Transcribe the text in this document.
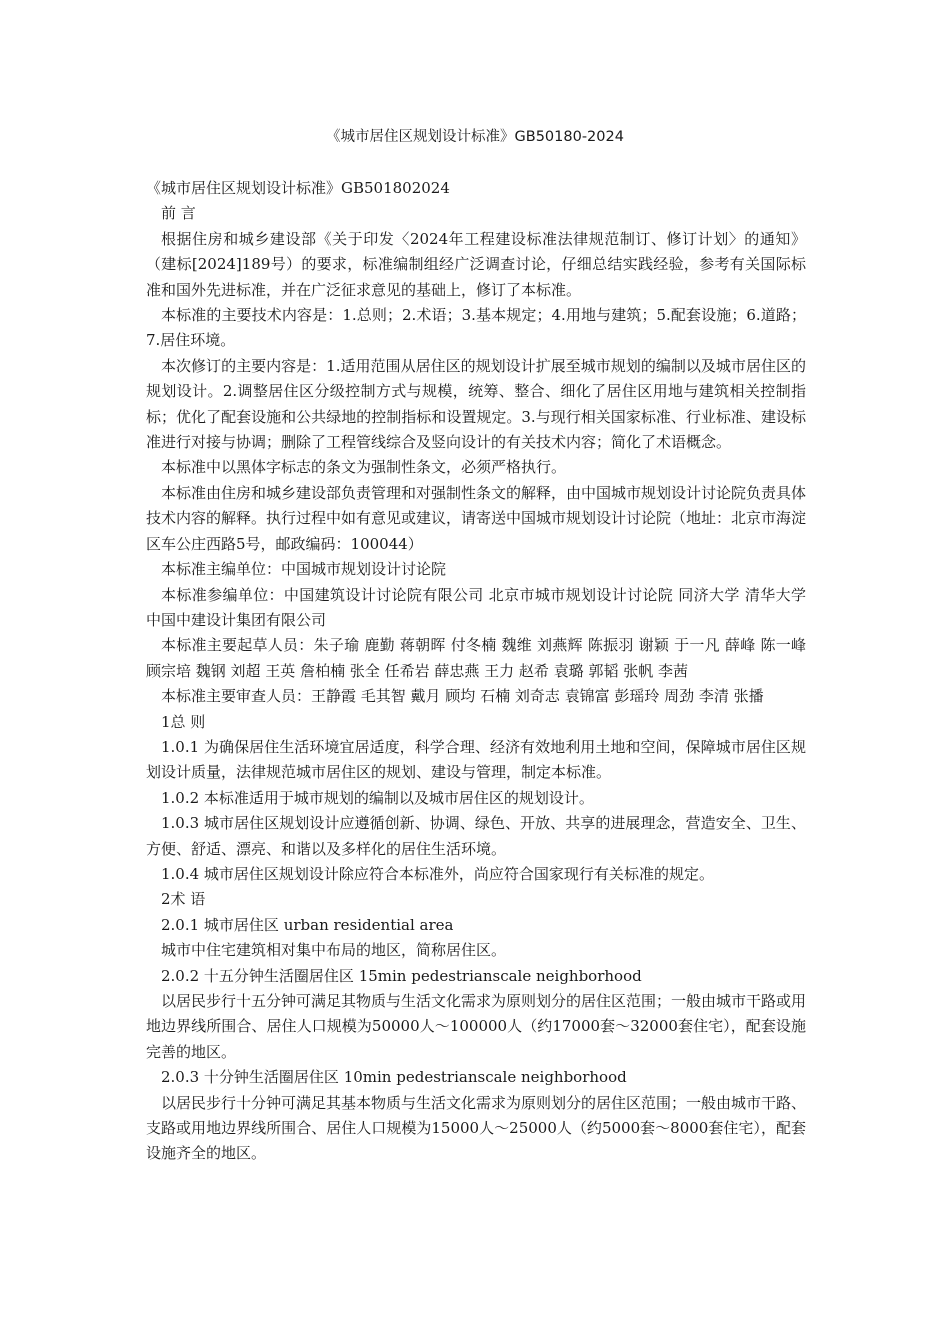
《城市居住区规划设计标准》GB50180-2024

《城市居住区规划设计标准》GB501802024

前 言

根据住房和城乡建设部《关于印发〈2024年工程建设标准法律规范制订、修订计划〉的通知》（建标[2024]189号）的要求，标准编制组经广泛调查讨论，仔细总结实践经验，参考有关国际标准和国外先进标准，并在广泛征求意见的基础上，修订了本标准。

本标准的主要技术内容是：1.总则；2.术语；3.基本规定；4.用地与建筑；5.配套设施；6.道路；7.居住环境。

本次修订的主要内容是：1.适用范围从居住区的规划设计扩展至城市规划的编制以及城市居住区的规划设计。2.调整居住区分级控制方式与规模，统筹、整合、细化了居住区用地与建筑相关控制指标；优化了配套设施和公共绿地的控制指标和设置规定。3.与现行相关国家标准、行业标准、建设标准进行对接与协调；删除了工程管线综合及竖向设计的有关技术内容；简化了术语概念。

本标准中以黑体字标志的条文为强制性条文，必须严格执行。

本标准由住房和城乡建设部负责管理和对强制性条文的解释，由中国城市规划设计讨论院负责具体技术内容的解释。执行过程中如有意见或建议，请寄送中国城市规划设计讨论院（地址：北京市海淀区车公庄西路5号，邮政编码：100044）

本标准主编单位：中国城市规划设计讨论院

本标准参编单位：中国建筑设计讨论院有限公司 北京市城市规划设计讨论院 同济大学 清华大学 中国中建设计集团有限公司

本标准主要起草人员：朱子瑜 鹿勤 蒋朝晖 付冬楠 魏维 刘燕辉 陈振羽 谢颖 于一凡 薛峰 陈一峰 顾宗培 魏钢 刘超 王英 詹柏楠 张全 任希岩 薛忠燕 王力 赵希 袁璐 郭韬 张帆 李茜

本标准主要审查人员：王静霞 毛其智 戴月 顾均 石楠 刘奇志 袁锦富 彭瑶玲 周劲 李清 张播

1总 则

1.0.1 为确保居住生活环境宜居适度，科学合理、经济有效地利用土地和空间，保障城市居住区规划设计质量，法律规范城市居住区的规划、建设与管理，制定本标准。

1.0.2 本标准适用于城市规划的编制以及城市居住区的规划设计。

1.0.3 城市居住区规划设计应遵循创新、协调、绿色、开放、共享的进展理念，营造安全、卫生、方便、舒适、漂亮、和谐以及多样化的居住生活环境。

1.0.4 城市居住区规划设计除应符合本标准外，尚应符合国家现行有关标准的规定。

2术 语

2.0.1 城市居住区 urban residential area

城市中住宅建筑相对集中布局的地区，简称居住区。

2.0.2 十五分钟生活圈居住区 15min pedestrianscale neighborhood

以居民步行十五分钟可满足其物质与生活文化需求为原则划分的居住区范围；一般由城市干路或用地边界线所围合、居住人口规模为50000人～100000人（约17000套～32000套住宅），配套设施完善的地区。

2.0.3 十分钟生活圈居住区 10min pedestrianscale neighborhood

以居民步行十分钟可满足其基本物质与生活文化需求为原则划分的居住区范围；一般由城市干路、支路或用地边界线所围合、居住人口规模为15000人～25000人（约5000套～8000套住宅），配套设施齐全的地区。
